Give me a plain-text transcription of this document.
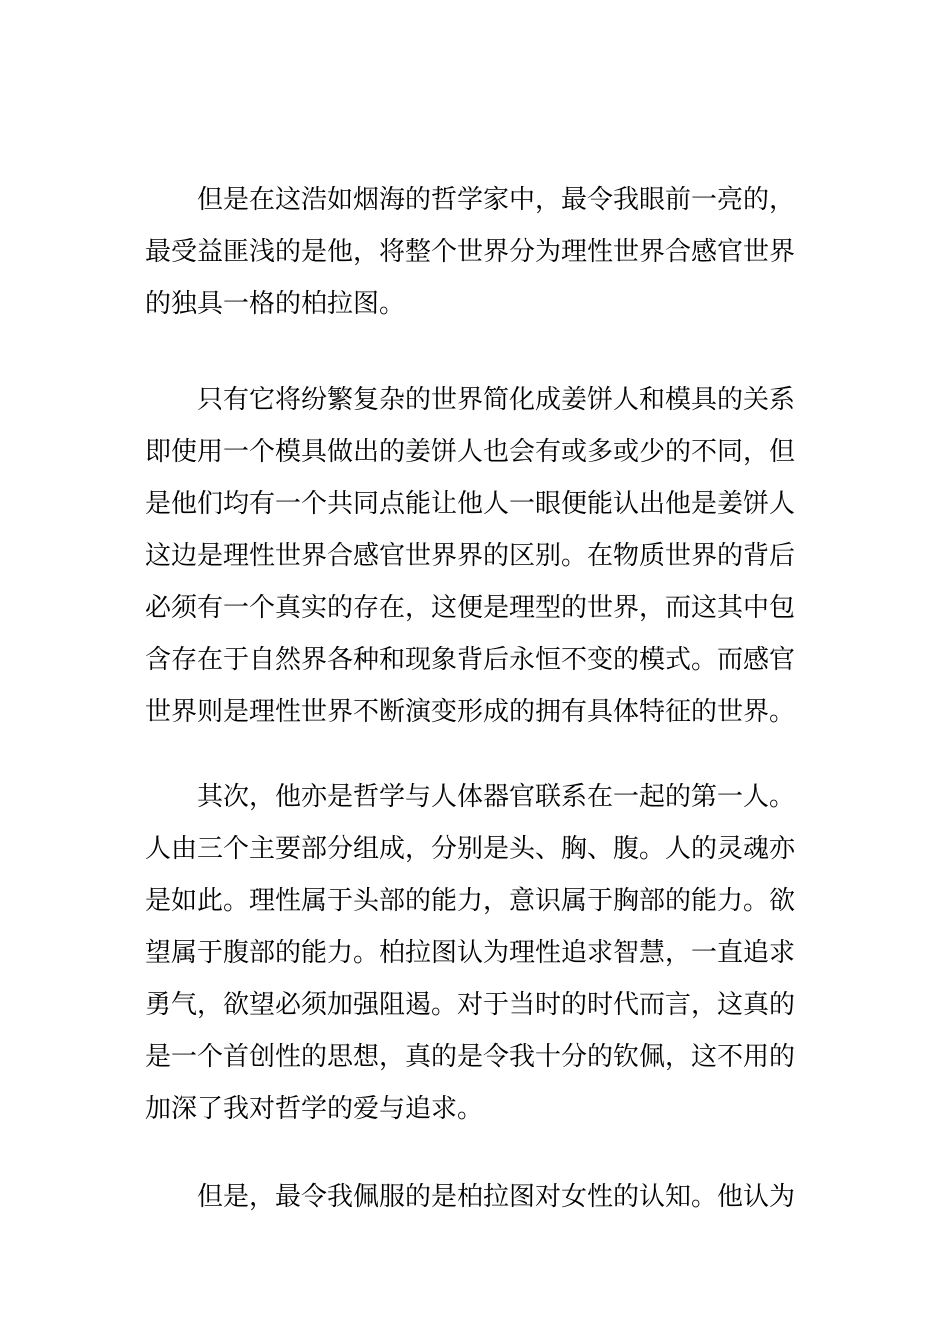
但是在这浩如烟海的哲学家中，最令我眼前一亮的，
最受益匪浅的是他，将整个世界分为理性世界合感官世界
的独具一格的柏拉图。
只有它将纷繁复杂的世界简化成姜饼人和模具的关系
即使用一个模具做出的姜饼人也会有或多或少的不同，但
是他们均有一个共同点能让他人一眼便能认出他是姜饼人
这边是理性世界合感官世界界的区别。在物质世界的背后
必须有一个真实的存在，这便是理型的世界，而这其中包
含存在于自然界各种和现象背后永恒不变的模式。而感官
世界则是理性世界不断演变形成的拥有具体特征的世界。
其次，他亦是哲学与人体器官联系在一起的第一人。
人由三个主要部分组成，分别是头、胸、腹。人的灵魂亦
是如此。理性属于头部的能力，意识属于胸部的能力。欲
望属于腹部的能力。柏拉图认为理性追求智慧，一直追求
勇气，欲望必须加强阻遏。对于当时的时代而言，这真的
是一个首创性的思想，真的是令我十分的钦佩，这不用的
加深了我对哲学的爱与追求。
但是，最令我佩服的是柏拉图对女性的认知。他认为
